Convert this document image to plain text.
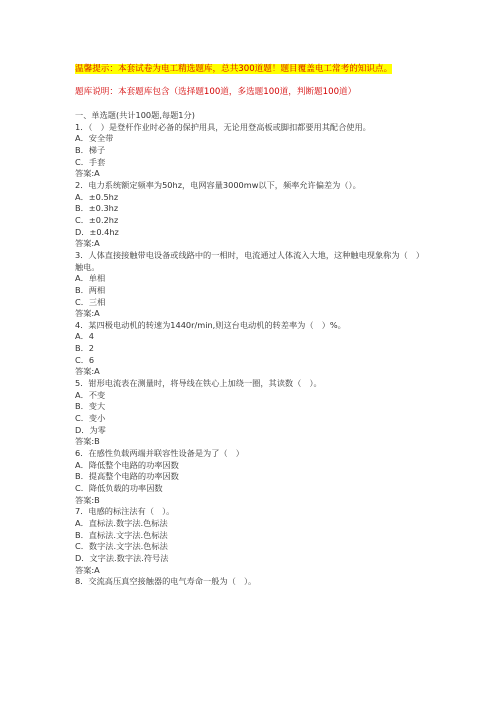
温馨提示：本套试卷为电工精选题库，总共300道题！题目覆盖电工常考的知识点。
题库说明：本套题库包含（选择题100道，多选题100道，判断题100道）
一、单选题(共计100题,每题1分)
1．（　）是登杆作业时必备的保护用具，无论用登高板或脚扣都要用其配合使用。
A．安全带
B．梯子
C．手套
答案:A
2．电力系统额定频率为50hz，电网容量3000mw以下，频率允许偏差为（）。
A．±0.5hz
B．±0.3hz
C．±0.2hz
D．±0.4hz
答案:A
3．人体直接接触带电设备或线路中的一相时，电流通过人体流入大地，这种触电现象称为（　）触电。
A．单相
B．两相
C．三相
答案:A
4．某四极电动机的转速为1440r/min,则这台电动机的转差率为（　）%。
A．4
B．2
C．6
答案:A
5．钳形电流表在测量时，将导线在铁心上加绕一圈，其读数（　）。
A．不变
B．变大
C．变小
D．为零
答案:B
6．在感性负载两端并联容性设备是为了（　）
A．降低整个电路的功率因数
B．提高整个电路的功率因数
C．降低负载的功率因数
答案:B
7．电感的标注法有（　）。
A．直标法.数字法.色标法
B．直标法.文字法.色标法
C．数字法.文字法.色标法
D．文字法.数字法.符号法
答案:A
8．交流高压真空接触器的电气寿命一般为（　）。
